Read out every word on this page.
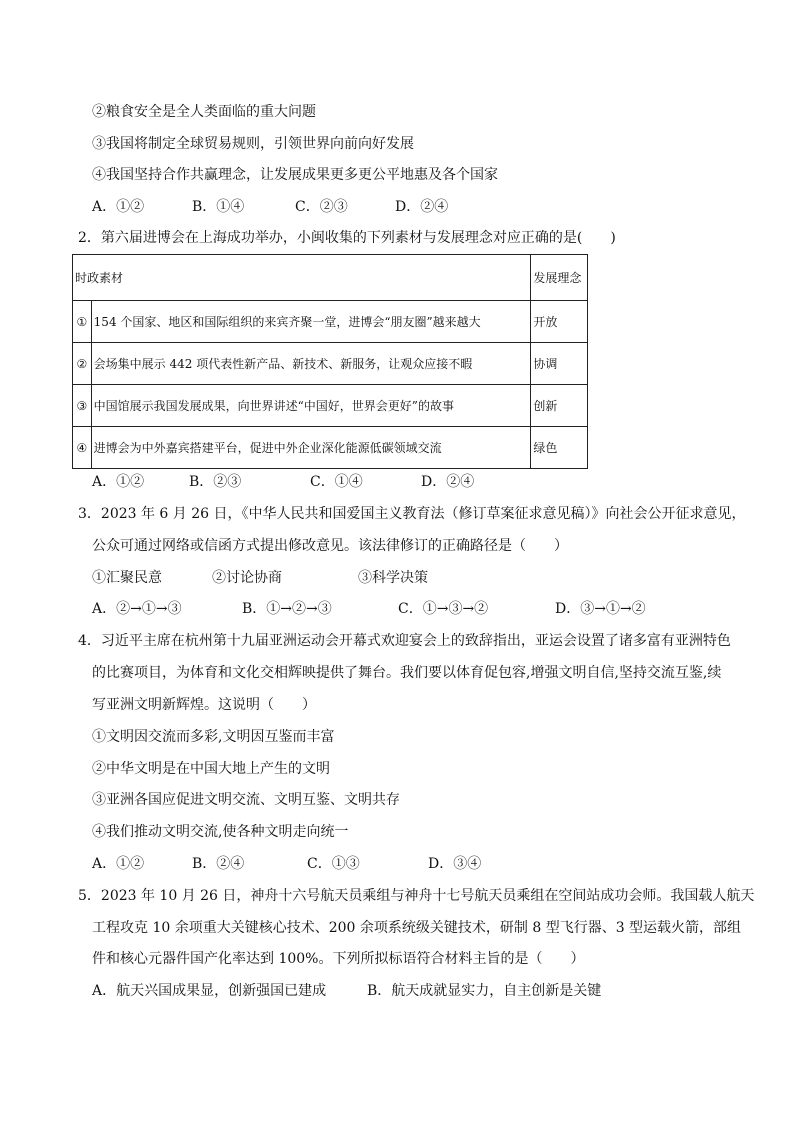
②粮食安全是全人类面临的重大问题
③我国将制定全球贸易规则，引领世界向前向好发展
④我国坚持合作共赢理念，让发展成果更多更公平地惠及各个国家
A．①②	B．①④	C．②③	D．②④
2．第六届进博会在上海成功举办，小闽收集的下列素材与发展理念对应正确的是(　　)
时政素材		发展理念
①	154 个国家、地区和国际组织的来宾齐聚一堂，进博会“朋友圈”越来越大	开放
②	会场集中展示 442 项代表性新产品、新技术、新服务，让观众应接不暇	协调
③	中国馆展示我国发展成果，向世界讲述“中国好，世界会更好”的故事	创新
④	进博会为中外嘉宾搭建平台，促进中外企业深化能源低碳领域交流	绿色
A．①②	B．②③	C．①④	D．②④
3．2023 年 6 月 26 日，《中华人民共和国爱国主义教育法（修订草案征求意见稿）》向社会公开征求意见，
公众可通过网络或信函方式提出修改意见。该法律修订的正确路径是（　　）
①汇聚民意	②讨论协商	③科学决策
A．②→①→③	B．①→②→③	C．①→③→②	D．③→①→②
4．习近平主席在杭州第十九届亚洲运动会开幕式欢迎宴会上的致辞指出，亚运会设置了诸多富有亚洲特色
的比赛项目，为体育和文化交相辉映提供了舞台。我们要以体育促包容,增强文明自信,坚持交流互鉴,续
写亚洲文明新辉煌。这说明（　　）
①文明因交流而多彩,文明因互鉴而丰富
②中华文明是在中国大地上产生的文明
③亚洲各国应促进文明交流、文明互鉴、文明共存
④我们推动文明交流,使各种文明走向统一
A．①②	B．②④	C．①③	D．③④
5．2023 年 10 月 26 日，神舟十六号航天员乘组与神舟十七号航天员乘组在空间站成功会师。我国载人航天
工程攻克 10 余项重大关键核心技术、200 余项系统级关键技术，研制 8 型飞行器、3 型运载火箭，部组
件和核心元器件国产化率达到 100%。下列所拟标语符合材料主旨的是（　　）
A．航天兴国成果显，创新强国已建成	B．航天成就显实力，自主创新是关键
